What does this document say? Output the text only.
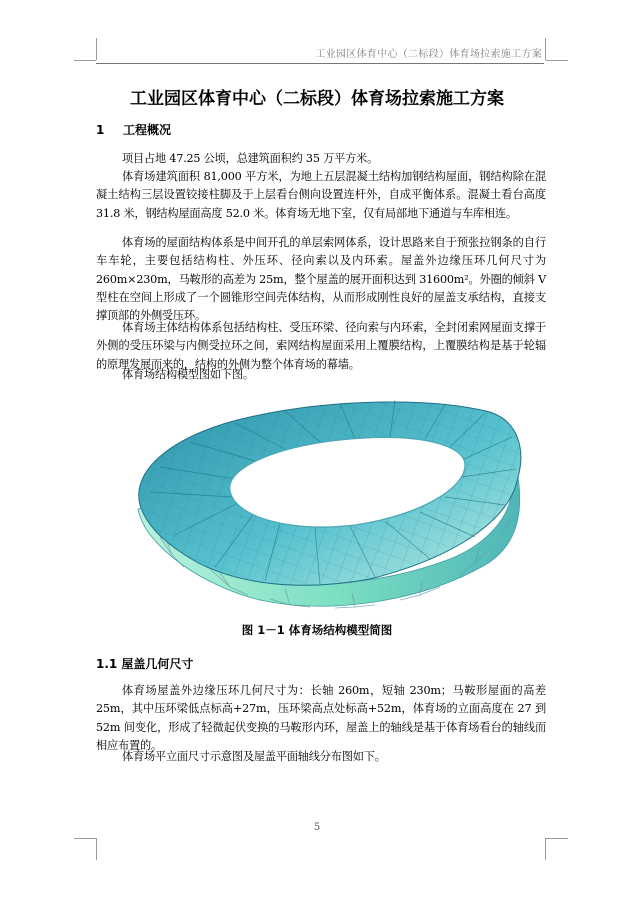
工业园区体育中心（二标段）体育场拉索施工方案
工业园区体育中心（二标段）体育场拉索施工方案
1 工程概况

项目占地 47.25 公顷，总建筑面积约 35 万平方米。

体育场建筑面积 81,000 平方米，为地上五层混凝土结构加钢结构屋面，钢结构除在混凝土结构三层设置铰接柱脚及于上层看台侧向设置连杆外，自成平衡体系。混凝土看台高度 31.8 米，钢结构屋面高度 52.0 米。体育场无地下室，仅有局部地下通道与车库相连。

体育场的屋面结构体系是中间开孔的单层索网体系，设计思路来自于预张拉钢条的自行车车轮，主要包括结构柱、外压环、径向索以及内环索。屋盖外边缘压环几何尺寸为 260m×230m，马鞍形的高差为 25m，整个屋盖的展开面积达到 31600m²。外圈的倾斜 V 型柱在空间上形成了一个圆锥形空间壳体结构，从而形成刚性良好的屋盖支承结构，直接支撑顶部的外侧受压环。

体育场主体结构体系包括结构柱、受压环梁、径向索与内环索，全封闭索网屋面支撑于外侧的受压环梁与内侧受拉环之间，索网结构屋面采用上覆膜结构，上覆膜结构是基于轮辐的原理发展而来的，结构的外侧为整个体育场的幕墙。

体育场结构模型图如下图。

图 1－1 体育场结构模型简图
1.1 屋盖几何尺寸

体育场屋盖外边缘压环几何尺寸为：长轴 260m，短轴 230m；马鞍形屋面的高差 25m，其中压环梁低点标高+27m，压环梁高点处标高+52m，体育场的立面高度在 27 到 52m 间变化，形成了轻微起伏变换的马鞍形内环，屋盖上的轴线是基于体育场看台的轴线而相应布置的。

体育场平立面尺寸示意图及屋盖平面轴线分布图如下。

5
